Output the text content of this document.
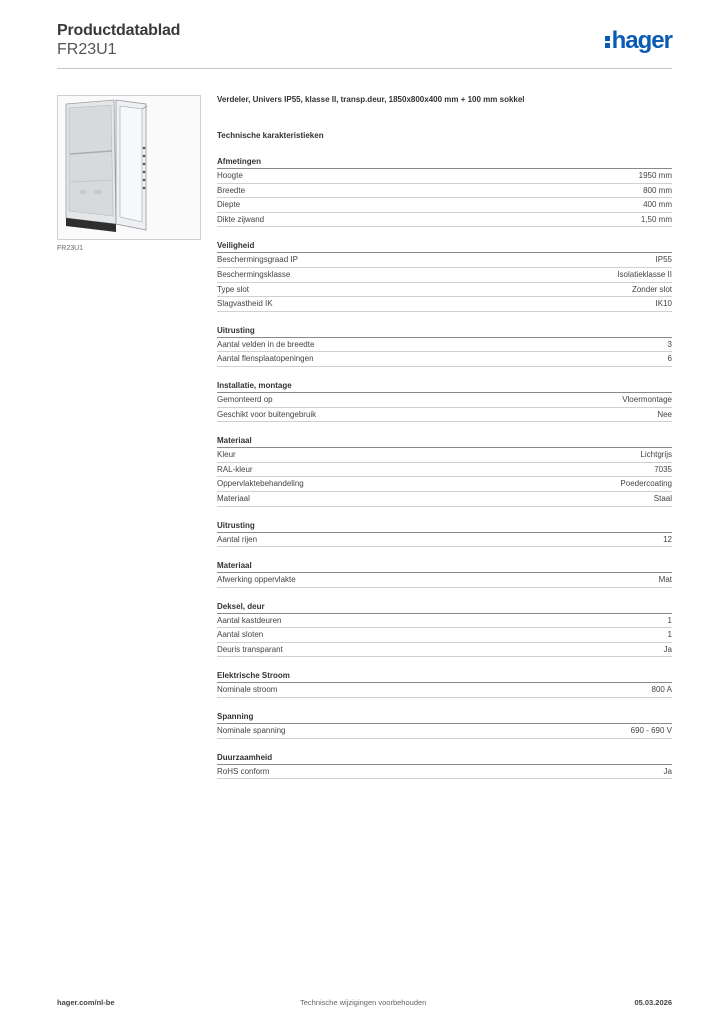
Productdatablad
FR23U1	hager
FR23U1
Verdeler, Univers IP55, klasse II, transp.deur, 1850x800x400 mm + 100 mm sokkel
Technische karakteristieken
Afmetingen
Hoogte	1950 mm
Breedte	800 mm
Diepte	400 mm
Dikte zijwand	1,50 mm
Veiligheid
Beschermingsgraad IP	IP55
Beschermingsklasse	Isolatieklasse II
Type slot	Zonder slot
Slagvastheid IK	IK10
Uitrusting
Aantal velden in de breedte	3
Aantal flensplaatopeningen	6
Installatie, montage
Gemonteerd op	Vloermontage
Geschikt voor buitengebruik	Nee
Materiaal
Kleur	Lichtgrijs
RAL-kleur	7035
Oppervlaktebehandeling	Poedercoating
Materiaal	Staal
Uitrusting
Aantal rijen	12
Materiaal
Afwerking oppervlakte	Mat
Deksel, deur
Aantal kastdeuren	1
Aantal sloten	1
Deuris transparant	Ja
Elektrische Stroom
Nominale stroom	800 A
Spanning
Nominale spanning	690 - 690 V
Duurzaamheid
RoHS conform	Ja
hager.com/nl-be	Technische wijzigingen voorbehouden	05.03.2026
